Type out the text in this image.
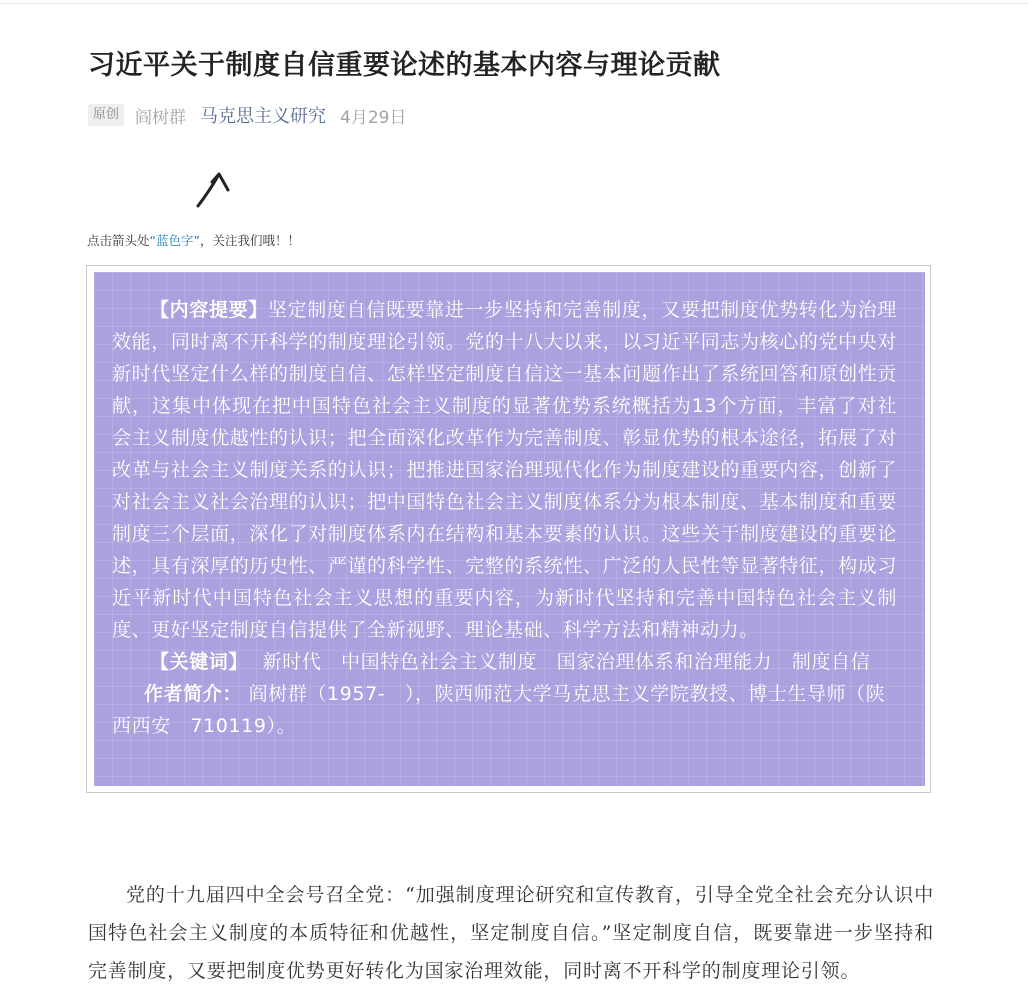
习近平关于制度自信重要论述的基本内容与理论贡献
原创 阎树群 马克思主义研究 4月29日
点击箭头处“蓝色字”，关注我们哦！！

【内容提要】坚定制度自信既要靠进一步坚持和完善制度，又要把制度优势转化为治理效能，同时离不开科学的制度理论引领。党的十八大以来，以习近平同志为核心的党中央对新时代坚定什么样的制度自信、怎样坚定制度自信这一基本问题作出了系统回答和原创性贡献，这集中体现在把中国特色社会主义制度的显著优势系统概括为13个方面，丰富了对社会主义制度优越性的认识；把全面深化改革作为完善制度、彰显优势的根本途径，拓展了对改革与社会主义制度关系的认识；把推进国家治理现代化作为制度建设的重要内容，创新了对社会主义社会治理的认识；把中国特色社会主义制度体系分为根本制度、基本制度和重要制度三个层面，深化了对制度体系内在结构和基本要素的认识。这些关于制度建设的重要论述，具有深厚的历史性、严谨的科学性、完整的系统性、广泛的人民性等显著特征，构成习近平新时代中国特色社会主义思想的重要内容，为新时代坚持和完善中国特色社会主义制度、更好坚定制度自信提供了全新视野、理论基础、科学方法和精神动力。

【关键词】 新时代　中国特色社会主义制度　国家治理体系和治理能力　制度自信

作者简介： 阎树群（1957-　），陕西师范大学马克思主义学院教授、博士生导师（陕西西安　710119）。

党的十九届四中全会号召全党：“加强制度理论研究和宣传教育，引导全党全社会充分认识中国特色社会主义制度的本质特征和优越性，坚定制度自信。”坚定制度自信，既要靠进一步坚持和完善制度，又要把制度优势更好转化为国家治理效能，同时离不开科学的制度理论引领。
